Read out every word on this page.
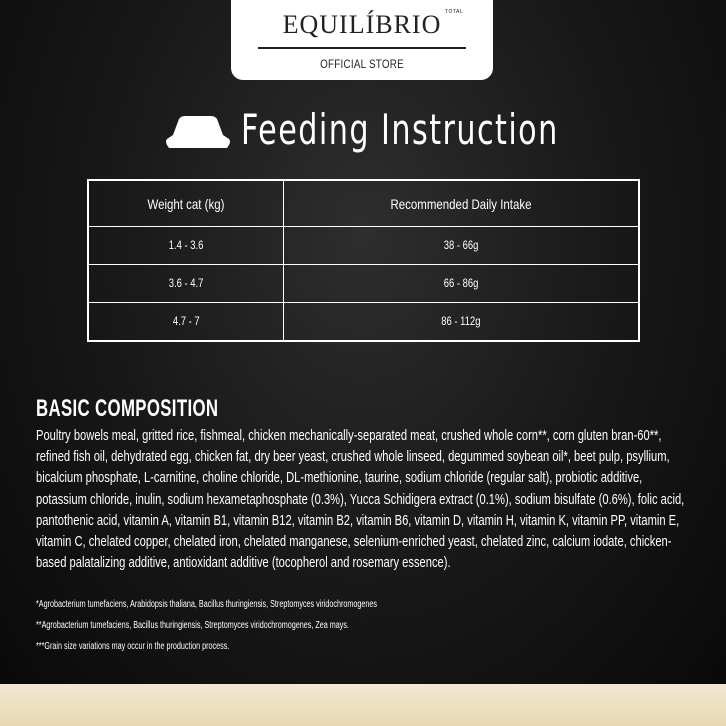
EQUILÍBRIO TOTAL
OFFICIAL STORE
Feeding Instruction
Weight cat (kg)	Recommended Daily Intake
1.4 - 3.6	38 - 66g
3.6 - 4.7	66 - 86g
4.7 - 7	86 - 112g
BASIC COMPOSITION
Poultry bowels meal, gritted rice, fishmeal, chicken mechanically-separated meat, crushed whole corn**, corn gluten bran-60**, refined fish oil, dehydrated egg, chicken fat, dry beer yeast, crushed whole linseed, degummed soybean oil*, beet pulp, psyllium, bicalcium phosphate, L-carnitine, choline chloride, DL-methionine, taurine, sodium chloride (regular salt), probiotic additive, potassium chloride, inulin, sodium hexametaphosphate (0.3%), Yucca Schidigera extract (0.1%), sodium bisulfate (0.6%), folic acid, pantothenic acid, vitamin A, vitamin B1, vitamin B12, vitamin B2, vitamin B6, vitamin D, vitamin H, vitamin K, vitamin PP, vitamin E, vitamin C, chelated copper, chelated iron, chelated manganese, selenium-enriched yeast, chelated zinc, calcium iodate, chicken-based palatalizing additive, antioxidant additive (tocopherol and rosemary essence).
*Agrobacterium tumefaciens, Arabidopsis thaliana, Bacillus thuringiensis, Streptomyces viridochromogenes
**Agrobacterium tumefaciens, Bacillus thuringiensis, Streptomyces viridochromogenes, Zea mays.
***Grain size variations may occur in the production process.
